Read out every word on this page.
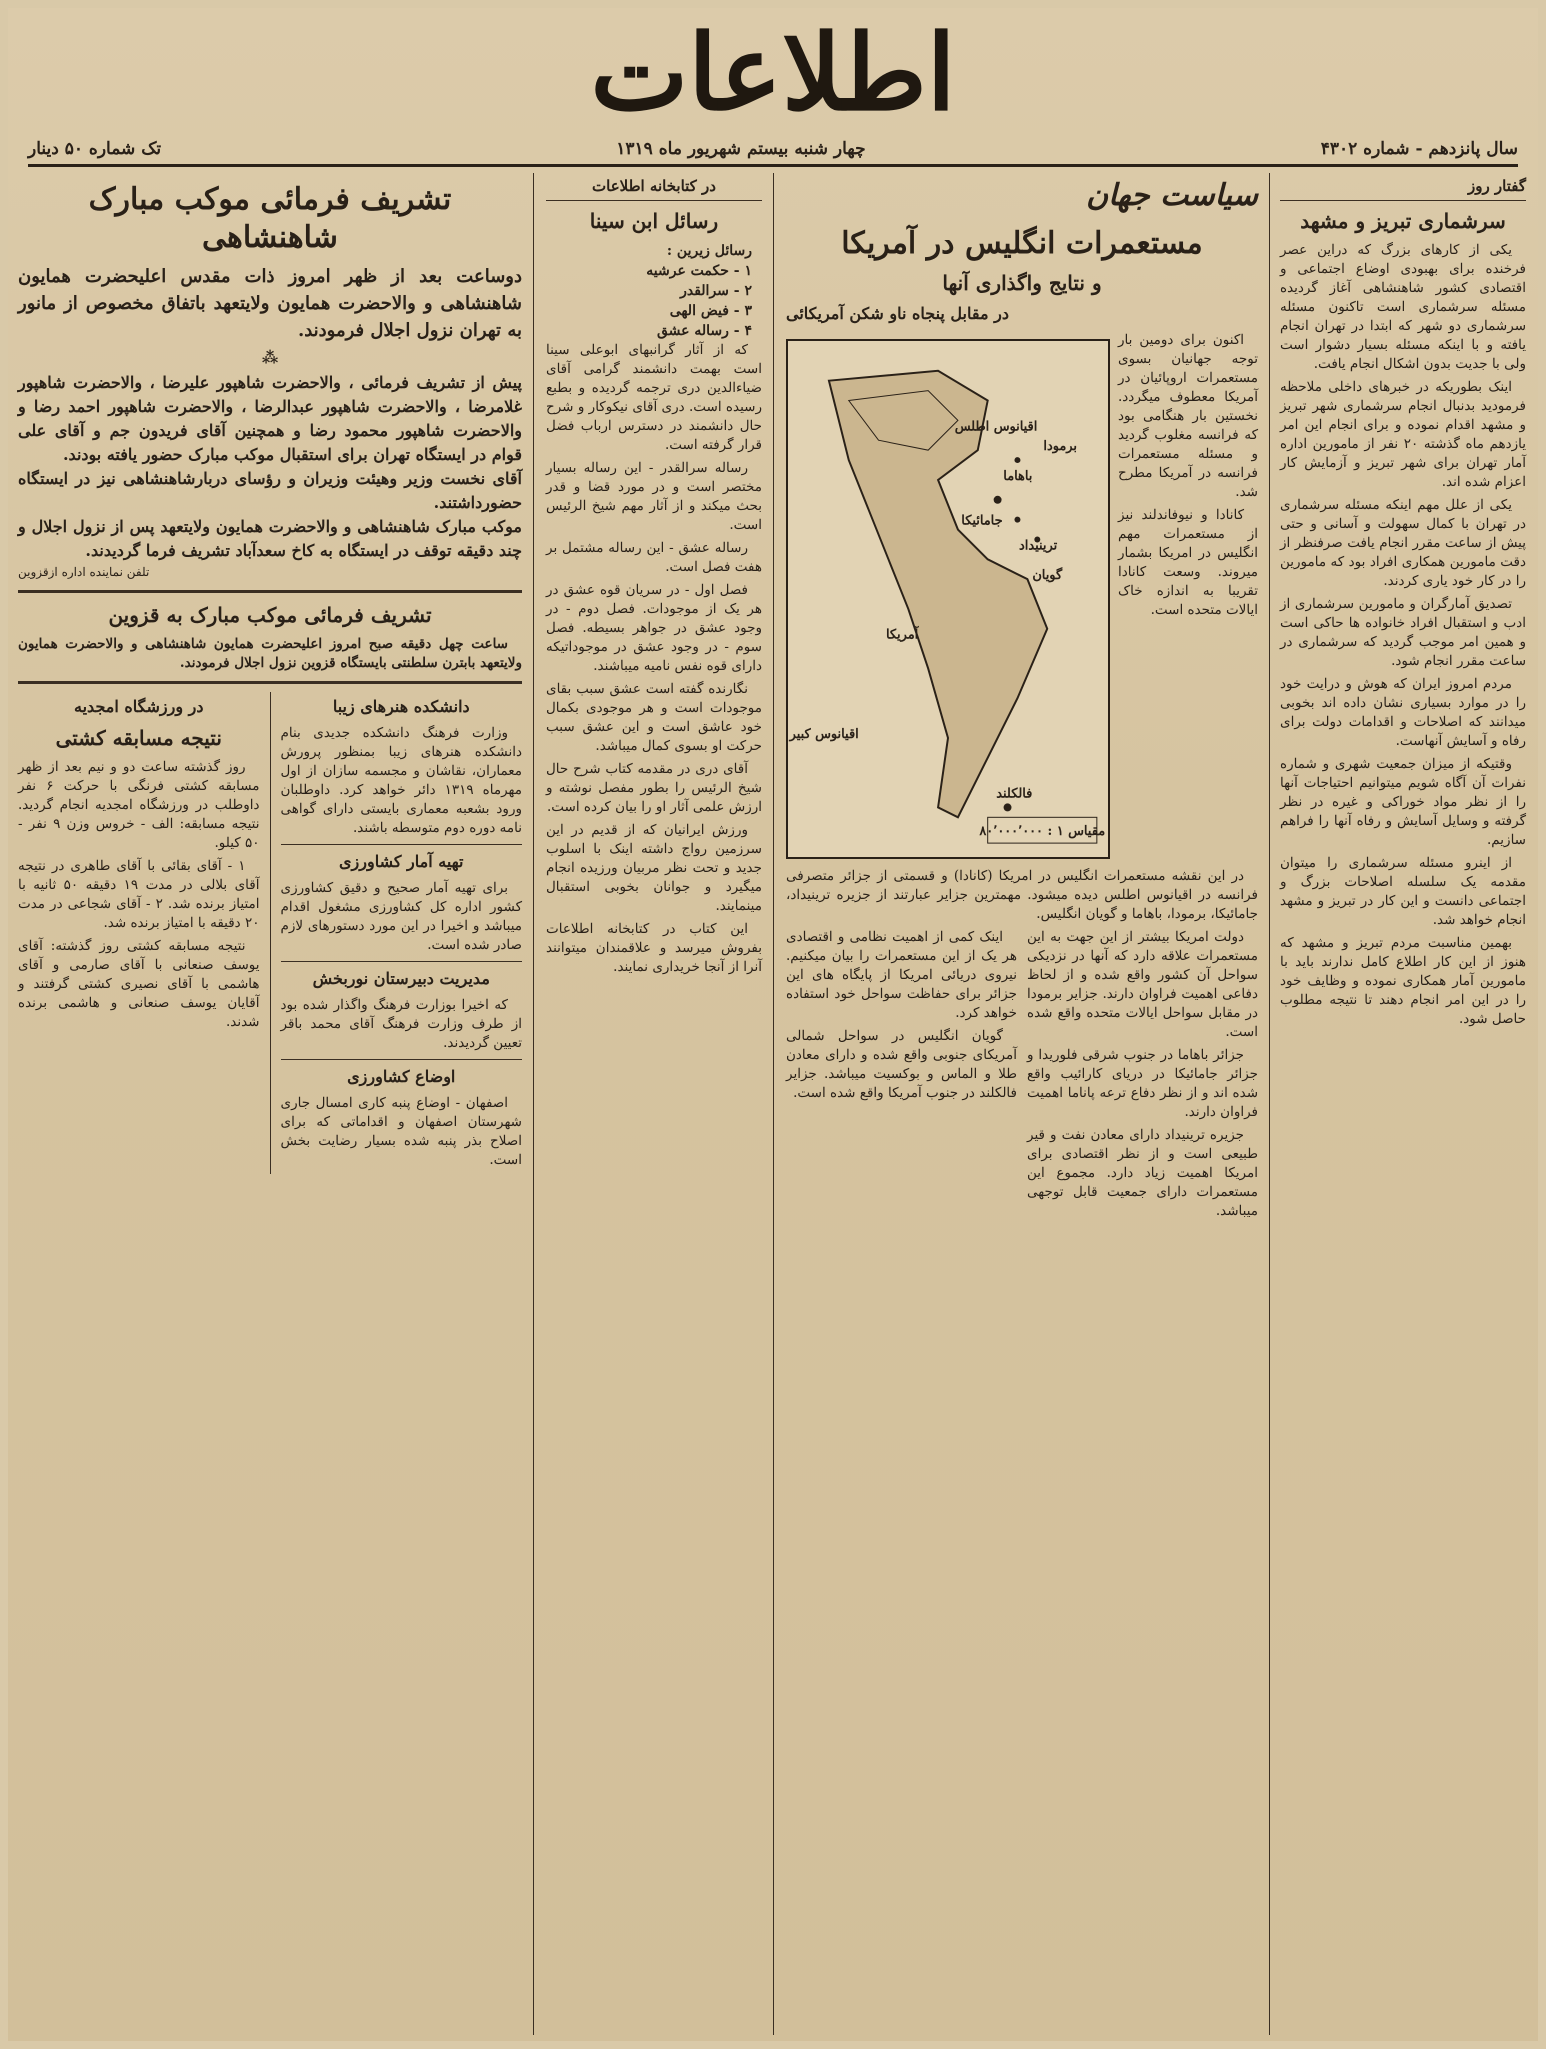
اطلاعات
سال پانزدهم - شماره ۴۳۰۲
چهار شنبه بیستم شهریور ماه ۱۳۱۹
تک شماره ۵۰ دینار
گفتار روز
سرشماری تبریز و مشهد

یکی از کارهای بزرگ که دراین عصر فرخنده برای بهبودی اوضاع اجتماعی و اقتصادی کشور شاهنشاهی آغاز گردیده مسئله سرشماری است تاکنون مسئله سرشماری دو شهر که ابتدا در تهران انجام یافته و با اینکه مسئله بسیار دشوار است ولی با جدیت بدون اشکال انجام یافت.

اینک بطوریکه در خبرهای داخلی ملاحظه فرمودید بدنبال انجام سرشماری شهر تبریز و مشهد اقدام نموده و برای انجام این امر یازدهم ماه گذشته ۲۰ نفر از مامورین اداره آمار تهران برای شهر تبریز و آزمایش کار اعزام شده اند.

یکی از علل مهم اینکه مسئله سرشماری در تهران با کمال سهولت و آسانی و حتی پیش از ساعت مقرر انجام یافت صرفنظر از دقت مامورین همکاری افراد بود که مامورین را در کار خود یاری کردند.

تصدیق آمارگران و مامورین سرشماری از ادب و استقبال افراد خانواده ها حاکی است و همین امر موجب گردید که سرشماری در ساعت مقرر انجام شود.

مردم امروز ایران که هوش و درایت خود را در موارد بسیاری نشان داده اند بخوبی میدانند که اصلاحات و اقدامات دولت برای رفاه و آسایش آنهاست.

وقتیکه از میزان جمعیت شهری و شماره نفرات آن آگاه شویم میتوانیم احتیاجات آنها را از نظر مواد خوراکی و غیره در نظر گرفته و وسایل آسایش و رفاه آنها را فراهم سازیم.

از اینرو مسئله سرشماری را میتوان مقدمه یک سلسله اصلاحات بزرگ و اجتماعی دانست و این کار در تبریز و مشهد انجام خواهد شد.

بهمین مناسبت مردم تبریز و مشهد که هنوز از این کار اطلاع کامل ندارند باید با مامورین آمار همکاری نموده و وظایف خود را در این امر انجام دهند تا نتیجه مطلوب حاصل شود.

سیاست جهان
مستعمرات انگلیس در آمریکا
و نتایج واگذاری آنها
در مقابل پنجاه ناو شکن آمریکائی

اکنون برای دومین بار توجه جهانیان بسوی مستعمرات اروپائیان در آمریکا معطوف میگردد. نخستین بار هنگامی بود که فرانسه مغلوب گردید و مسئله مستعمرات فرانسه در آمریکا مطرح شد.

کانادا و نیوفاندلند نیز از مستعمرات مهم انگلیس در امریکا بشمار میروند. وسعت کانادا تقریبا به اندازه خاک ایالات متحده است.

مقیاس ۱ : ۸۰٬۰۰۰٬۰۰۰
اقیانوس اطلس
آمریکا
باهاما
ترینیداد
گویان
جامائیکا
برمودا
فالکلند
اقیانوس کبیر

در این نقشه مستعمرات انگلیس در امریکا (کانادا) و قسمتی از جزائر متصرفی فرانسه در اقیانوس اطلس دیده میشود. مهمترین جزایر عبارتند از جزیره ترینیداد، جامائیکا، برمودا، باهاما و گویان انگلیس.

دولت امریکا بیشتر از این جهت به این مستعمرات علاقه دارد که آنها در نزدیکی سواحل آن کشور واقع شده و از لحاظ دفاعی اهمیت فراوان دارند. جزایر برمودا در مقابل سواحل ایالات متحده واقع شده است.

جزائر باهاما در جنوب شرقی فلوریدا و جزائر جامائیکا در دریای کارائیب واقع شده اند و از نظر دفاع ترعه پاناما اهمیت فراوان دارند.

جزیره ترینیداد دارای معادن نفت و قیر طبیعی است و از نظر اقتصادی برای امریکا اهمیت زیاد دارد. مجموع این مستعمرات دارای جمعیت قابل توجهی میباشد.

اینک کمی از اهمیت نظامی و اقتصادی هر یک از این مستعمرات را بیان میکنیم. نیروی دریائی امریکا از پایگاه های این جزائر برای حفاظت سواحل خود استفاده خواهد کرد.

گویان انگلیس در سواحل شمالی آمریکای جنوبی واقع شده و دارای معادن طلا و الماس و بوکسیت میباشد. جزایر فالکلند در جنوب آمریکا واقع شده است.

در کتابخانه اطلاعات
رسائل ابن سینا
رسائل زیرین :
۱ - حکمت عرشیه
۲ - سرالقدر
۳ - فیض الهی
۴ - رساله عشق

که از آثار گرانبهای ابوعلی سینا است بهمت دانشمند گرامی آقای ضیاءالدین دری ترجمه گردیده و بطبع رسیده است. دری آقای نیکوکار و شرح حال دانشمند در دسترس ارباب فضل قرار گرفته است.

رساله سرالقدر - این رساله بسیار مختصر است و در مورد قضا و قدر بحث میکند و از آثار مهم شیخ الرئیس است.

رساله عشق - این رساله مشتمل بر هفت فصل است.

فصل اول - در سریان قوه عشق در هر یک از موجودات. فصل دوم - در وجود عشق در جواهر بسیطه. فصل سوم - در وجود عشق در موجوداتیکه دارای قوه نفس نامیه میباشند.

نگارنده گفته است عشق سبب بقای موجودات است و هر موجودی بکمال خود عاشق است و این عشق سبب حرکت او بسوی کمال میباشد.

آقای دری در مقدمه کتاب شرح حال شیخ الرئیس را بطور مفصل نوشته و ارزش علمی آثار او را بیان کرده است.

ورزش ایرانیان که از قدیم در این سرزمین رواج داشته اینک با اسلوب جدید و تحت نظر مربیان ورزیده انجام میگیرد و جوانان بخوبی استقبال مینمایند.

این کتاب در کتابخانه اطلاعات بفروش میرسد و علاقمندان میتوانند آنرا از آنجا خریداری نمایند.

تشریف فرمائی موکب مبارک شاهنشاهی
دوساعت بعد از ظهر امروز ذات مقدس اعلیحضرت همایون شاهنشاهی و والاحضرت همایون ولایتعهد باتفاق مخصوص از مانور به تهران نزول اجلال فرمودند.
⁂
پیش از تشریف فرمائی ، والاحضرت شاهپور علیرضا ، والاحضرت شاهپور غلامرضا ، والاحضرت شاهپور عبدالرضا ، والاحضرت شاهپور احمد رضا و والاحضرت شاهپور محمود رضا و همچنین آقای فریدون جم و آقای علی قوام در ایستگاه تهران برای استقبال موکب مبارک حضور یافته بودند.
آقای نخست وزیر وهیئت وزیران و رؤسای دربارشاهنشاهی نیز در ایستگاه حضورداشتند.
موکب مبارک شاهنشاهی و والاحضرت همایون ولایتعهد پس از نزول اجلال و چند دقیقه توقف در ایستگاه به کاخ سعدآباد تشریف فرما گردیدند.
تلفن نماینده اداره ازقزوین
تشریف فرمائی موکب مبارک به قزوین

ساعت چهل دقیقه صبح امروز اعلیحضرت همایون شاهنشاهی و والاحضرت همایون ولایتعهد بابترن سلطنتی بایستگاه قزوین نزول اجلال فرمودند.

دانشکده هنرهای زیبا

وزارت فرهنگ دانشکده جدیدی بنام دانشکده هنرهای زیبا بمنظور پرورش معماران، نقاشان و مجسمه سازان از اول مهرماه ۱۳۱۹ دائر خواهد کرد. داوطلبان ورود بشعبه معماری بایستی دارای گواهی نامه دوره دوم متوسطه باشند.

تهیه آمار کشاورزی

برای تهیه آمار صحیح و دقیق کشاورزی کشور اداره کل کشاورزی مشغول اقدام میباشد و اخیرا در این مورد دستورهای لازم صادر شده است.

مدیریت دبیرستان نوربخش

که اخیرا بوزارت فرهنگ واگذار شده بود از طرف وزارت فرهنگ آقای محمد باقر تعیین گردیدند.

اوضاع کشاورزی

اصفهان - اوضاع پنبه کاری امسال جاری شهرستان اصفهان و اقداماتی که برای اصلاح بذر پنبه شده بسیار رضایت بخش است.

در ورزشگاه امجدیه
نتیجه مسابقه کشتی

روز گذشته ساعت دو و نیم بعد از ظهر مسابقه کشتی فرنگی با حرکت ۶ نفر داوطلب در ورزشگاه امجدیه انجام گردید. نتیجه مسابقه: الف - خروس وزن ۹ نفر - ۵۰ کیلو.

۱ - آقای بقائی با آقای طاهری در نتیجه آقای بلالی در مدت ۱۹ دقیقه ۵۰ ثانیه با امتیاز برنده شد. ۲ - آقای شجاعی در مدت ۲۰ دقیقه با امتیاز برنده شد.

نتیجه مسابقه کشتی روز گذشته: آقای یوسف صنعانی با آقای صارمی و آقای هاشمی با آقای نصیری کشتی گرفتند و آقایان یوسف صنعانی و هاشمی برنده شدند.
